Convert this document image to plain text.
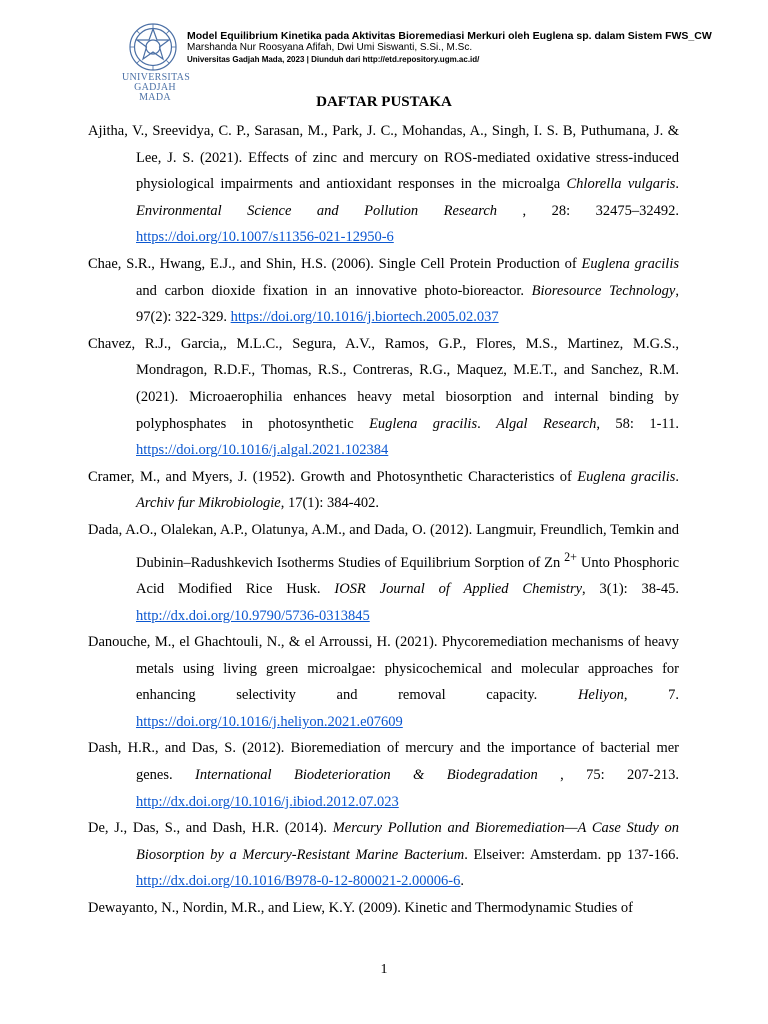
UNIVERSITAS
GADJAH MADA
Model Equilibrium Kinetika pada Aktivitas Bioremediasi Merkuri oleh Euglena sp. dalam Sistem FWS_CW
Marshanda Nur Roosyana Afifah, Dwi Umi Siswanti, S.Si., M.Sc.
Universitas Gadjah Mada, 2023 | Diunduh dari http://etd.repository.ugm.ac.id/
DAFTAR PUSTAKA

Ajitha, V., Sreevidya, C. P., Sarasan, M., Park, J. C., Mohandas, A., Singh, I. S. B, Puthumana, J. & Lee, J. S. (2021). Effects of zinc and mercury on ROS-mediated oxidative stress-induced physiological impairments and antioxidant responses in the microalga Chlorella vulgaris. Environmental Science and Pollution Research , 28: 32475–32492. https://doi.org/10.1007/s11356-021-12950-6

Chae, S.R., Hwang, E.J., and Shin, H.S. (2006). Single Cell Protein Production of Euglena gracilis and carbon dioxide fixation in an innovative photo-bioreactor. Bioresource Technology, 97(2): 322-329. https://doi.org/10.1016/j.biortech.2005.02.037

Chavez, R.J., Garcia,, M.L.C., Segura, A.V., Ramos, G.P., Flores, M.S., Martinez, M.G.S., Mondragon, R.D.F., Thomas, R.S., Contreras, R.G., Maquez, M.E.T., and Sanchez, R.M. (2021). Microaerophilia enhances heavy metal biosorption and internal binding by polyphosphates in photosynthetic Euglena gracilis. Algal Research, 58: 1-11. https://doi.org/10.1016/j.algal.2021.102384

Cramer, M., and Myers, J. (1952). Growth and Photosynthetic Characteristics of Euglena gracilis. Archiv fur Mikrobiologie, 17(1): 384-402.

Dada, A.O., Olalekan, A.P., Olatunya, A.M., and Dada, O. (2012). Langmuir, Freundlich, Temkin and Dubinin–Radushkevich Isotherms Studies of Equilibrium Sorption of Zn $^{2+}$ Unto Phosphoric Acid Modified Rice Husk. IOSR Journal of Applied Chemistry, 3(1): 38-45. http://dx.doi.org/10.9790/5736-0313845

Danouche, M., el Ghachtouli, N., & el Arroussi, H. (2021). Phycoremediation mechanisms of heavy metals using living green microalgae: physicochemical and molecular approaches for enhancing selectivity and removal capacity. Heliyon, 7. https://doi.org/10.1016/j.heliyon.2021.e07609

Dash, H.R., and Das, S. (2012). Bioremediation of mercury and the importance of bacterial mer genes. International Biodeterioration & Biodegradation , 75: 207-213. http://dx.doi.org/10.1016/j.ibiod.2012.07.023

De, J., Das, S., and Dash, H.R. (2014). Mercury Pollution and Bioremediation—A Case Study on Biosorption by a Mercury-Resistant Marine Bacterium. Elseiver: Amsterdam. pp 137-166. http://dx.doi.org/10.1016/B978-0-12-800021-2.00006-6.

Dewayanto, N., Nordin, M.R., and Liew, K.Y. (2009). Kinetic and Thermodynamic Studies of

1
